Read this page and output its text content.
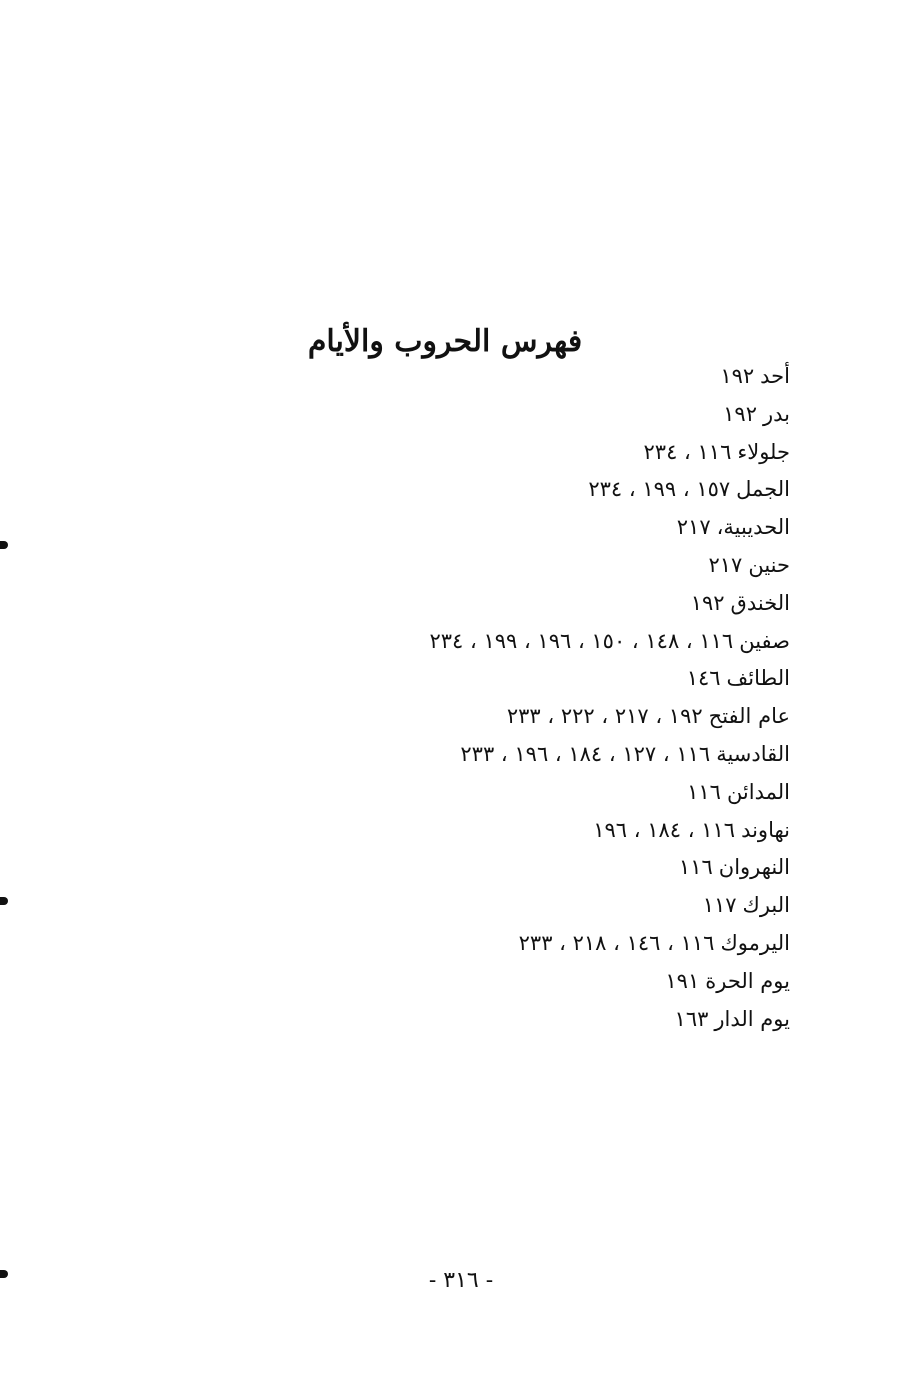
فهرس الحروب والأيام
أحد١٩٢
بدر١٩٢
جلولاء١١٦ ، ٢٣٤
الجمل١٥٧ ، ١٩٩ ، ٢٣٤
الحديبية،٢١٧
حنين٢١٧
الخندق١٩٢
صفين١١٦ ، ١٤٨ ، ١٥٠ ، ١٩٦ ، ١٩٩ ، ٢٣٤
الطائف١٤٦
عام الفتح١٩٢ ، ٢١٧ ، ٢٢٢ ، ٢٣٣
القادسية١١٦ ، ١٢٧ ، ١٨٤ ، ١٩٦ ، ٢٣٣
المدائن١١٦
نهاوند١١٦ ، ١٨٤ ، ١٩٦
النهروان١١٦
البرك١١٧
اليرموك١١٦ ، ١٤٦ ، ٢١٨ ، ٢٣٣
يوم الحرة١٩١
يوم الدار١٦٣
- ٣١٦ -
